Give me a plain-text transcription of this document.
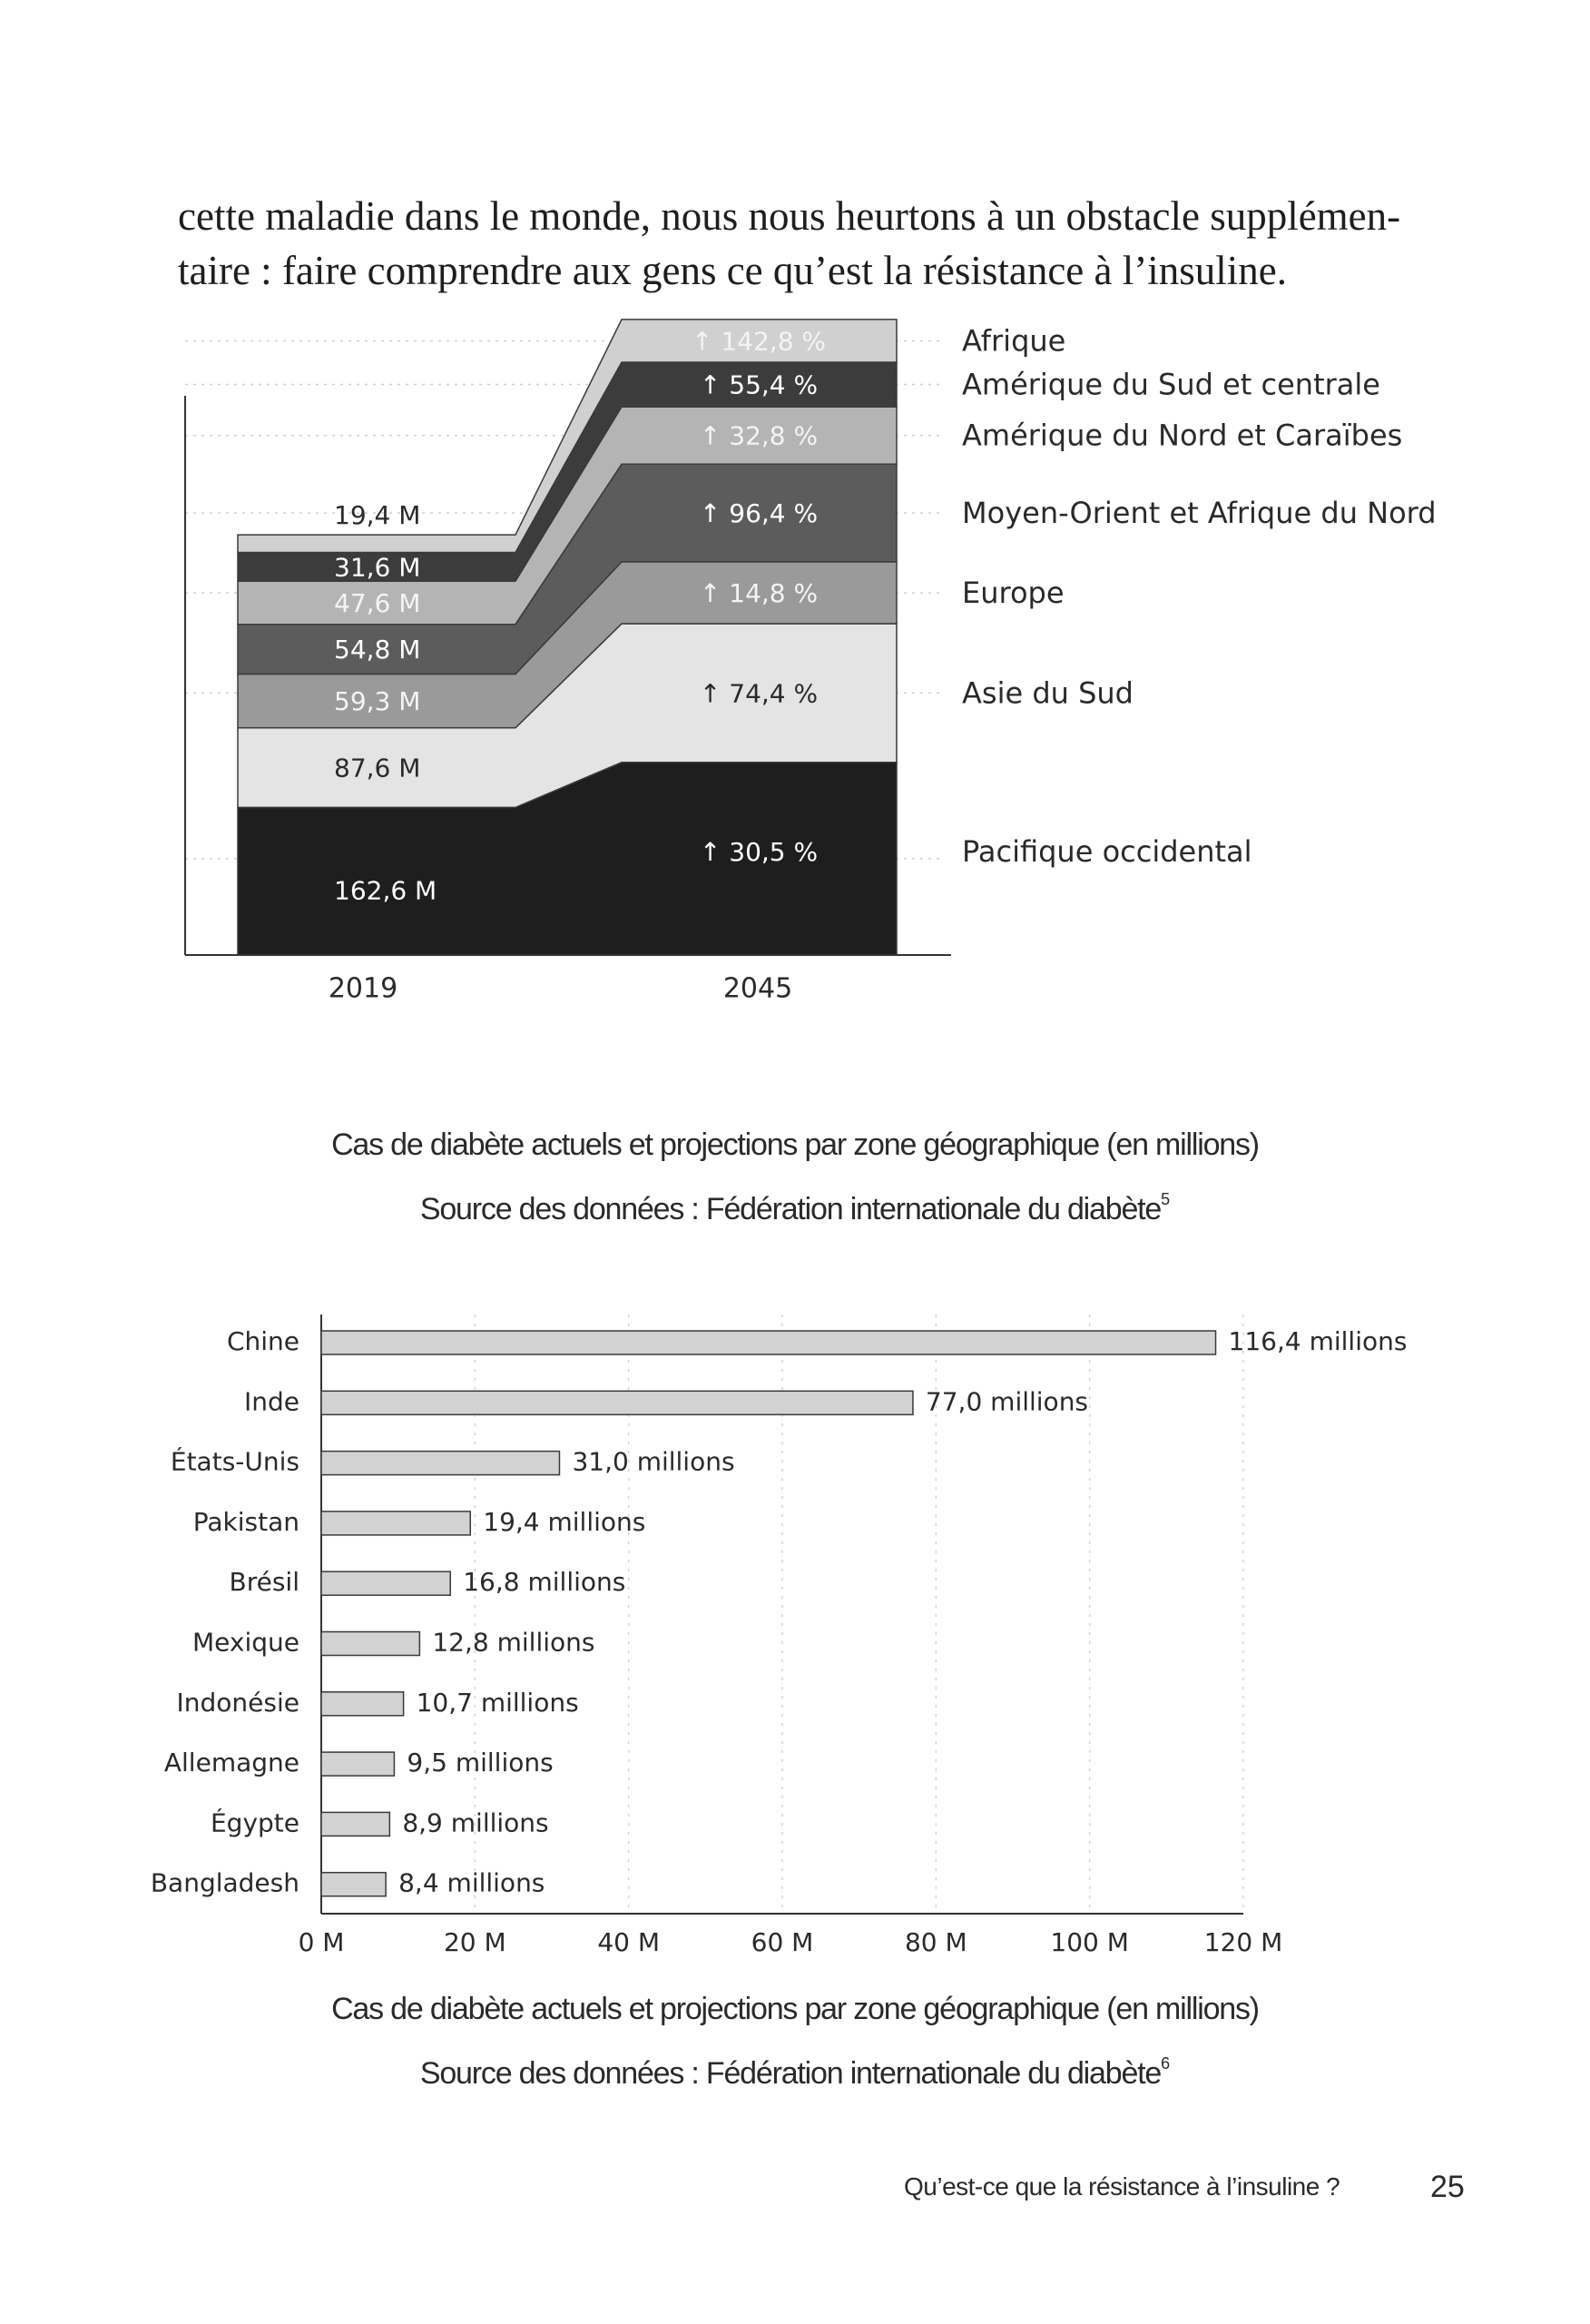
cette maladie dans le monde, nous nous heurtons à un obstacle supplémen-
taire : faire comprendre aux gens ce qu’est la résistance à l’insuline.

162,6 M
↑ 30,5 %	Pacifique occidental
87,6 M
↑ 74,4 %	Asie du Sud
59,3 M
↑ 14,8 %	Europe
54,8 M
↑ 96,4 %	Moyen-Orient et Afrique du Nord
47,6 M
↑ 32,8 %	Amérique du Nord et Caraïbes
31,6 M
↑ 55,4 %	Amérique du Sud et centrale
19,4 M
↑ 142,8 %	Afrique
2019	2045
Cas de diabète actuels et projections par zone géographique (en millions)
Source des données : Fédération internationale du diabète$^5$
Chine	116,4 millions
Inde	77,0 millions
États-Unis	31,0 millions
Pakistan	19,4 millions
Brésil	16,8 millions
Mexique	12,8 millions
Indonésie	10,7 millions
Allemagne	9,5 millions
Égypte	8,9 millions
Bangladesh	8,4 millions
0 M	20 M	40 M	60 M	80 M	100 M	120 M
Cas de diabète actuels et projections par zone géographique (en millions)
Source des données : Fédération internationale du diabète$^6$
Qu’est-ce que la résistance à l’insuline ?	25
